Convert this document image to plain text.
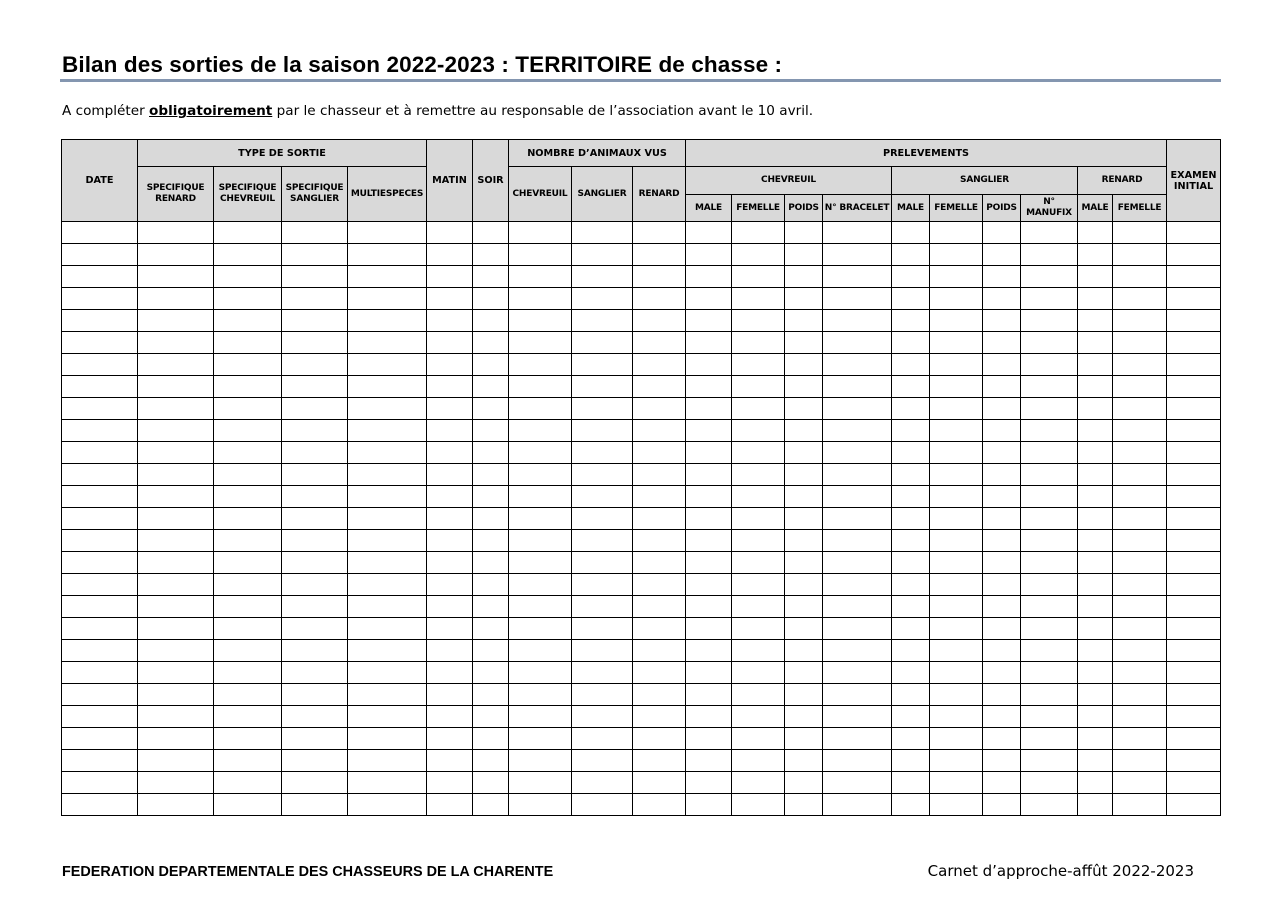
Bilan des sorties de la saison 2022-2023 : TERRITOIRE de chasse :
A compléter obligatoirement par le chasseur et à remettre au responsable de l’association avant le 10 avril.
DATE	TYPE DE SORTIE				MATIN	SOIR	NOMBRE D’ANIMAUX VUS			PRELEVEMENTS										EXAMEN INITIAL
	SPECIFIQUE RENARD	SPECIFIQUE CHEVREUIL	SPECIFIQUE SANGLIER	MULTIESPECES			CHEVREUIL	SANGLIER	RENARD	CHEVREUIL				SANGLIER				RENARD		
										MALE	FEMELLE	POIDS	N° BRACELET	MALE	FEMELLE	POIDS	N° MANUFIX	MALE	FEMELLE	

FEDERATION DEPARTEMENTALE DES CHASSEURS DE LA CHARENTE	Carnet d’approche-affût 2022-2023
